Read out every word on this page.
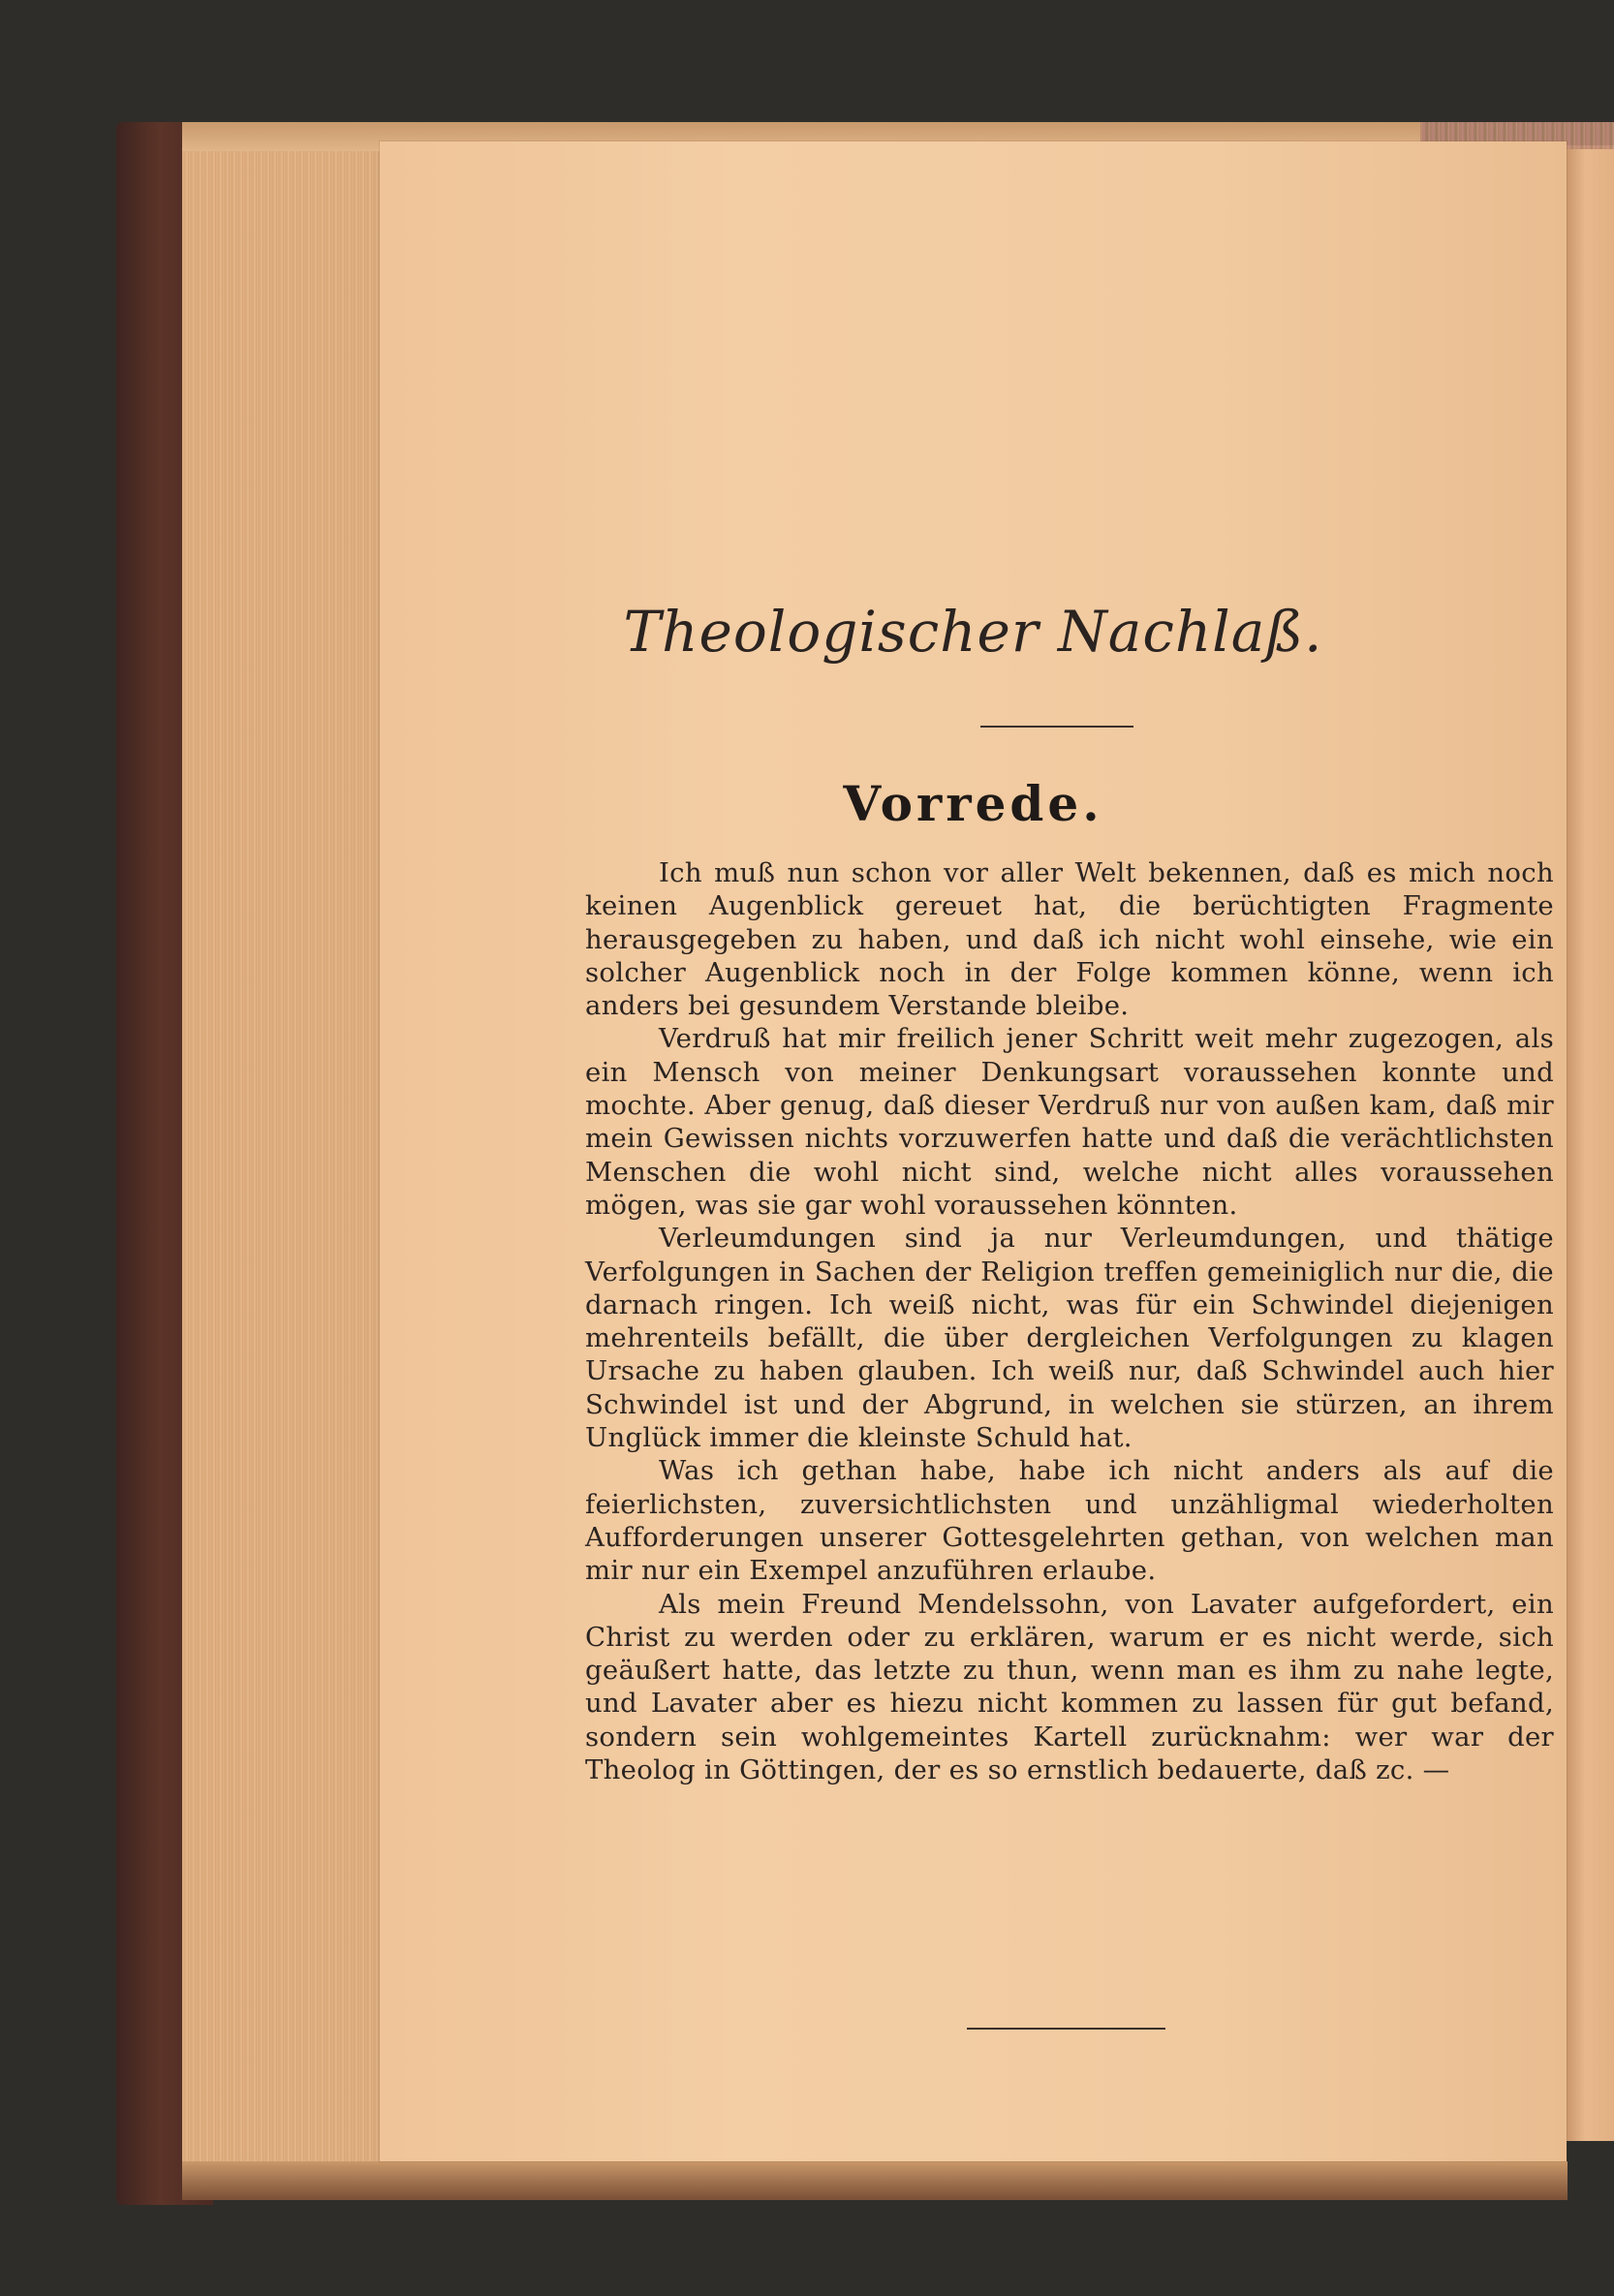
Theologischer Nachlaß.
Vorrede.

Ich muß nun schon vor aller Welt bekennen, daß es mich noch keinen Augenblick gereuet hat, die berüchtigten Fragmente herausgegeben zu haben, und daß ich nicht wohl einsehe, wie ein solcher Augenblick noch in der Folge kommen könne, wenn ich anders bei gesundem Verstande bleibe.

Verdruß hat mir freilich jener Schritt weit mehr zugezogen, als ein Mensch von meiner Denkungsart voraussehen konnte und mochte. Aber genug, daß dieser Verdruß nur von außen kam, daß mir mein Gewissen nichts vorzuwerfen hatte und daß die verächtlichsten Menschen die wohl nicht sind, welche nicht alles voraussehen mögen, was sie gar wohl voraussehen könnten.

Verleumdungen sind ja nur Verleumdungen, und thätige Verfolgungen in Sachen der Religion treffen gemeiniglich nur die, die darnach ringen. Ich weiß nicht, was für ein Schwindel diejenigen mehrenteils befällt, die über dergleichen Verfolgungen zu klagen Ursache zu haben glauben. Ich weiß nur, daß Schwindel auch hier Schwindel ist und der Abgrund, in welchen sie stürzen, an ihrem Unglück immer die kleinste Schuld hat.

Was ich gethan habe, habe ich nicht anders als auf die feierlichsten, zuversichtlichsten und unzähligmal wiederholten Aufforderungen unserer Gottesgelehrten gethan, von welchen man mir nur ein Exempel anzuführen erlaube.

Als mein Freund Mendelssohn, von Lavater aufgefordert, ein Christ zu werden oder zu erklären, warum er es nicht werde, sich geäußert hatte, das letzte zu thun, wenn man es ihm zu nahe legte, und Lavater aber es hiezu nicht kommen zu lassen für gut befand, sondern sein wohlgemeintes Kartell zurücknahm: wer war der Theolog in Göttingen, der es so ernstlich bedauerte, daß zc. —
